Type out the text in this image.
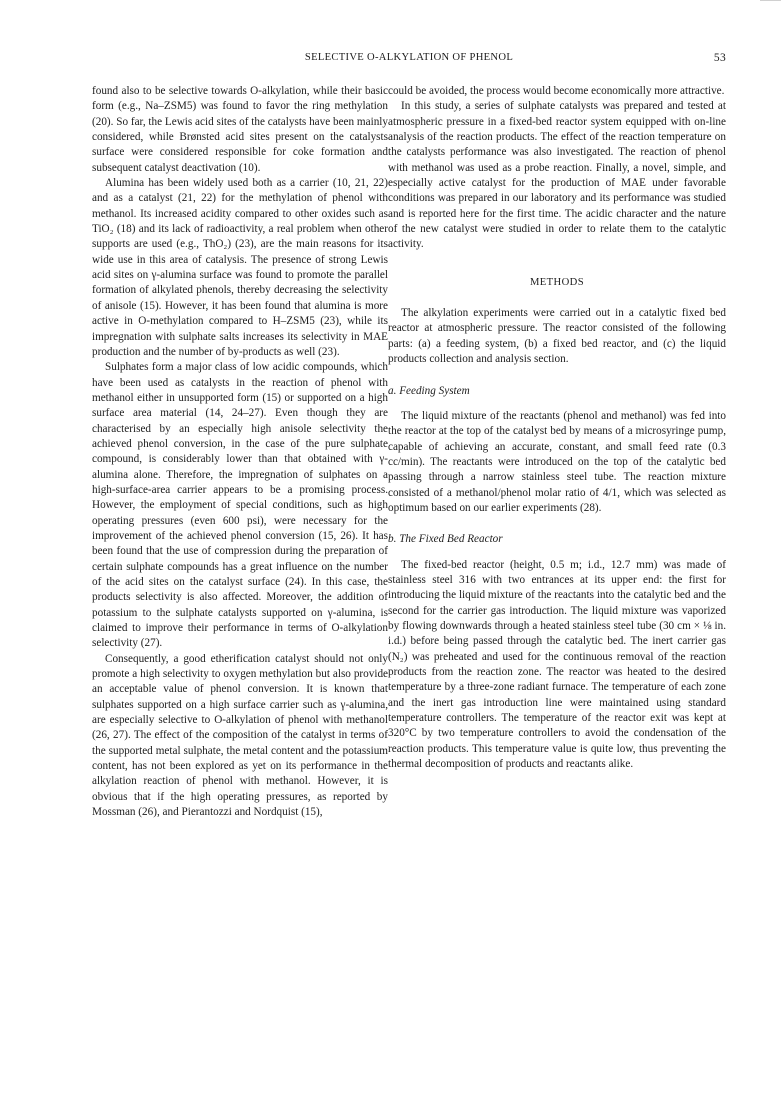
SELECTIVE O-ALKYLATION OF PHENOL	53

found also to be selective towards O-alkylation, while their basic form (e.g., Na–ZSM5) was found to favor the ring methylation (20). So far, the Lewis acid sites of the catalysts have been mainly considered, while Brønsted acid sites present on the catalysts surface were considered responsible for coke formation and subsequent catalyst deactivation (10).

Alumina has been widely used both as a carrier (10, 21, 22) and as a catalyst (21, 22) for the methylation of phenol with methanol. Its increased acidity compared to other oxides such as TiO₂ (18) and its lack of radioactivity, a real problem when other supports are used (e.g., ThO₂) (23), are the main reasons for its wide use in this area of catalysis. The presence of strong Lewis acid sites on γ-alumina surface was found to promote the parallel formation of alkylated phenols, thereby decreasing the selectivity of anisole (15). However, it has been found that alumina is more active in O-methylation compared to H–ZSM5 (23), while its impregnation with sulphate salts increases its selectivity in MAE production and the number of by-products as well (23).

Sulphates form a major class of low acidic compounds, which have been used as catalysts in the reaction of phenol with methanol either in unsupported form (15) or supported on a high surface area material (14, 24–27). Even though they are characterised by an especially high anisole selectivity the achieved phenol conversion, in the case of the pure sulphate compound, is considerably lower than that obtained with γ-alumina alone. Therefore, the impregnation of sulphates on a high-surface-area carrier appears to be a promising process. However, the employment of special conditions, such as high operating pressures (even 600 psi), were necessary for the improvement of the achieved phenol conversion (15, 26). It has been found that the use of compression during the preparation of certain sulphate compounds has a great influence on the number of the acid sites on the catalyst surface (24). In this case, the products selectivity is also affected. Moreover, the addition of potassium to the sulphate catalysts supported on γ-alumina, is claimed to improve their performance in terms of O-alkylation selectivity (27).

Consequently, a good etherification catalyst should not only promote a high selectivity to oxygen methylation but also provide an acceptable value of phenol conversion. It is known that sulphates supported on a high surface carrier such as γ-alumina, are especially selective to O-alkylation of phenol with methanol (26, 27). The effect of the composition of the catalyst in terms of the supported metal sulphate, the metal content and the potassium content, has not been explored as yet on its performance in the alkylation reaction of phenol with methanol. However, it is obvious that if the high operating pressures, as reported by Mossman (26), and Pierantozzi and Nordquist (15),

could be avoided, the process would become economically more attractive.

In this study, a series of sulphate catalysts was prepared and tested at atmospheric pressure in a fixed-bed reactor system equipped with on-line analysis of the reaction products. The effect of the reaction temperature on the catalysts performance was also investigated. The reaction of phenol with methanol was used as a probe reaction. Finally, a novel, simple, and especially active catalyst for the production of MAE under favorable conditions was prepared in our laboratory and its performance was studied and is reported here for the first time. The acidic character and the nature of the new catalyst were studied in order to relate them to the catalytic activity.

METHODS

The alkylation experiments were carried out in a catalytic fixed bed reactor at atmospheric pressure. The reactor consisted of the following parts: (a) a feeding system, (b) a fixed bed reactor, and (c) the liquid products collection and analysis section.

a. Feeding System

The liquid mixture of the reactants (phenol and methanol) was fed into the reactor at the top of the catalyst bed by means of a microsyringe pump, capable of achieving an accurate, constant, and small feed rate (0.3 cc/min). The reactants were introduced on the top of the catalytic bed passing through a narrow stainless steel tube. The reaction mixture consisted of a methanol/phenol molar ratio of 4/1, which was selected as optimum based on our earlier experiments (28).

b. The Fixed Bed Reactor

The fixed-bed reactor (height, 0.5 m; i.d., 12.7 mm) was made of stainless steel 316 with two entrances at its upper end: the first for introducing the liquid mixture of the reactants into the catalytic bed and the second for the carrier gas introduction. The liquid mixture was vaporized by flowing downwards through a heated stainless steel tube (30 cm × ⅛ in. i.d.) before being passed through the catalytic bed. The inert carrier gas (N₂) was preheated and used for the continuous removal of the reaction products from the reaction zone. The reactor was heated to the desired temperature by a three-zone radiant furnace. The temperature of each zone and the inert gas introduction line were maintained using standard temperature controllers. The temperature of the reactor exit was kept at 320°C by two temperature controllers to avoid the condensation of the reaction products. This temperature value is quite low, thus preventing the thermal decomposition of products and reactants alike.
